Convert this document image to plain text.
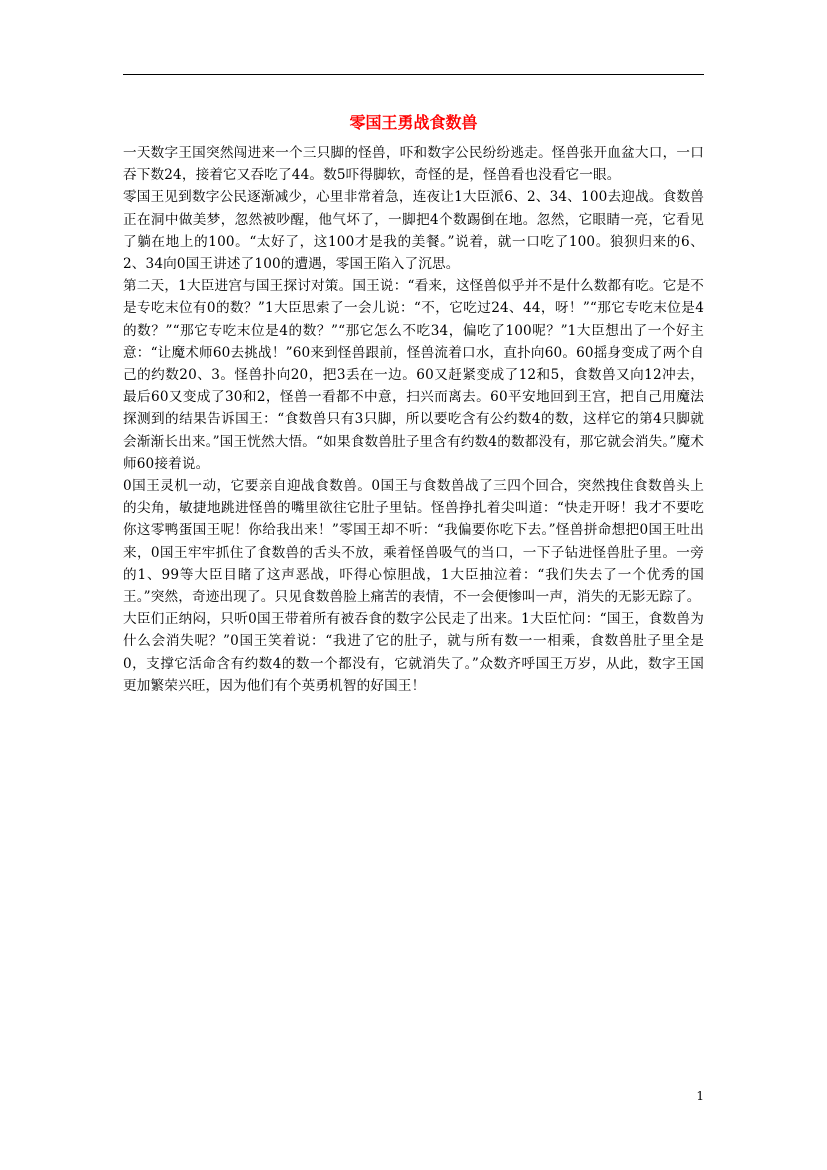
零国王勇战食数兽

一天数字王国突然闯进来一个三只脚的怪兽，吓和数字公民纷纷逃走。怪兽张开血盆大口，一口吞下数24，接着它又吞吃了44。数5吓得脚软，奇怪的是，怪兽看也没看它一眼。

零国王见到数字公民逐渐减少，心里非常着急，连夜让1大臣派6、2、34、100去迎战。食数兽正在洞中做美梦，忽然被吵醒，他气坏了，一脚把4个数踢倒在地。忽然，它眼睛一亮，它看见了躺在地上的100。“太好了，这100才是我的美餐。”说着，就一口吃了100。狼狈归来的6、2、34向0国王讲述了100的遭遇，零国王陷入了沉思。

第二天，1大臣进宫与国王探讨对策。国王说：“看来，这怪兽似乎并不是什么数都有吃。它是不是专吃末位有0的数？”1大臣思索了一会儿说：“不，它吃过24、44，呀！”“那它专吃末位是4的数？”“那它专吃末位是4的数？”“那它怎么不吃34，偏吃了100呢？”1大臣想出了一个好主意：“让魔术师60去挑战！”60来到怪兽跟前，怪兽流着口水，直扑向60。60摇身变成了两个自己的约数20、3。怪兽扑向20，把3丢在一边。60又赶紧变成了12和5，食数兽又向12冲去，最后60又变成了30和2，怪兽一看都不中意，扫兴而离去。60平安地回到王宫，把自己用魔法探测到的结果告诉国王：“食数兽只有3只脚，所以要吃含有公约数4的数，这样它的第4只脚就会渐渐长出来。”国王恍然大悟。“如果食数兽肚子里含有约数4的数都没有，那它就会消失。”魔术师60接着说。

0国王灵机一动，它要亲自迎战食数兽。0国王与食数兽战了三四个回合，突然拽住食数兽头上的尖角，敏捷地跳进怪兽的嘴里欲往它肚子里钻。怪兽挣扎着尖叫道：“快走开呀！我才不要吃你这零鸭蛋国王呢！你给我出来！”零国王却不听：“我偏要你吃下去。”怪兽拼命想把0国王吐出来，0国王牢牢抓住了食数兽的舌头不放，乘着怪兽吸气的当口，一下子钻进怪兽肚子里。一旁的1、99等大臣目睹了这声恶战，吓得心惊胆战，1大臣抽泣着：“我们失去了一个优秀的国王。”突然，奇迹出现了。只见食数兽脸上痛苦的表情，不一会便惨叫一声，消失的无影无踪了。

大臣们正纳闷，只听0国王带着所有被吞食的数字公民走了出来。1大臣忙问：“国王，食数兽为什么会消失呢？”0国王笑着说：“我进了它的肚子，就与所有数一一相乘，食数兽肚子里全是0，支撑它活命含有约数4的数一个都没有，它就消失了。”众数齐呼国王万岁，从此，数字王国更加繁荣兴旺，因为他们有个英勇机智的好国王！

1
